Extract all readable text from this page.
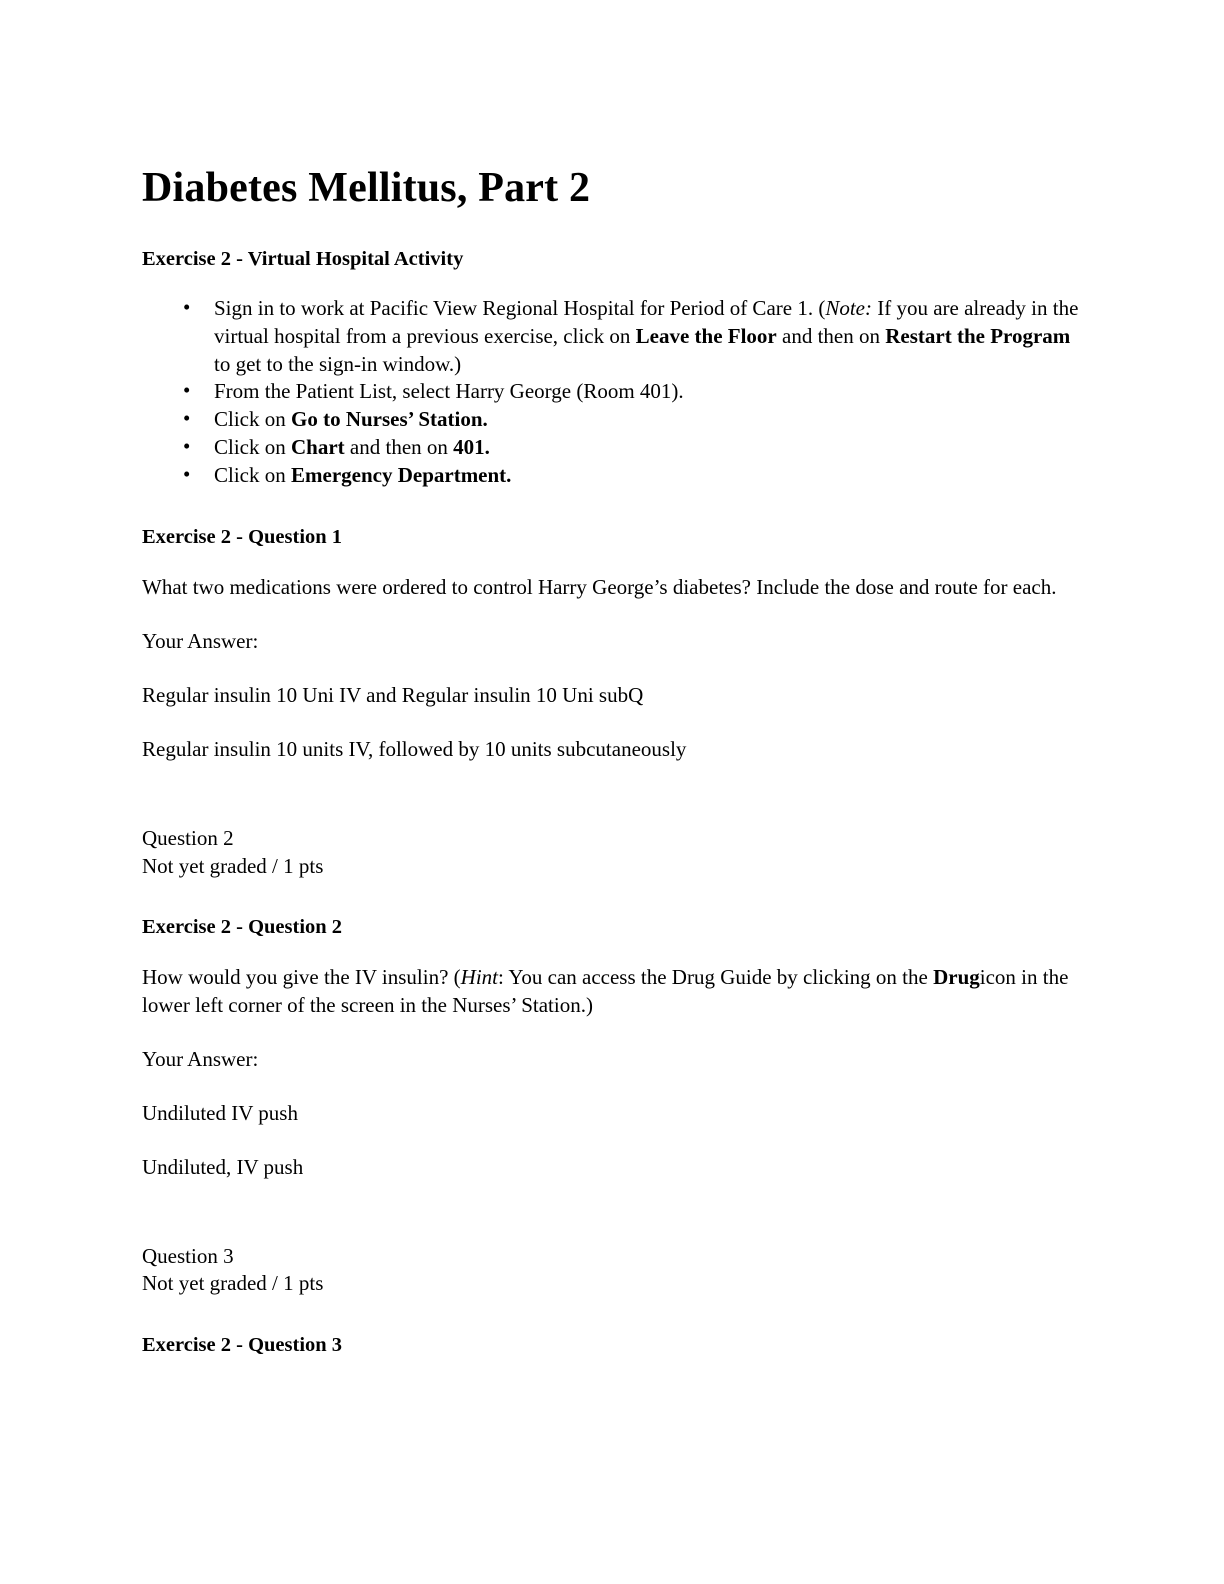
Diabetes Mellitus, Part 2
Exercise 2 - Virtual Hospital Activity
• Sign in to work at Pacific View Regional Hospital for Period of Care 1. (Note: If you are already in the virtual hospital from a previous exercise, click on Leave the Floor and then on Restart the Program to get to the sign-in window.)
• From the Patient List, select Harry George (Room 401).
• Click on Go to Nurses’ Station.
• Click on Chart and then on 401.
• Click on Emergency Department.
Exercise 2 - Question 1

What two medications were ordered to control Harry George’s diabetes? Include the dose and route for each.

Your Answer:

Regular insulin 10 Uni IV and Regular insulin 10 Uni subQ

Regular insulin 10 units IV, followed by 10 units subcutaneously

Question 2

Not yet graded / 1 pts

Exercise 2 - Question 2

How would you give the IV insulin? (Hint: You can access the Drug Guide by clicking on the Drugicon in the lower left corner of the screen in the Nurses’ Station.)

Your Answer:

Undiluted IV push

Undiluted, IV push

Question 3

Not yet graded / 1 pts

Exercise 2 - Question 3
